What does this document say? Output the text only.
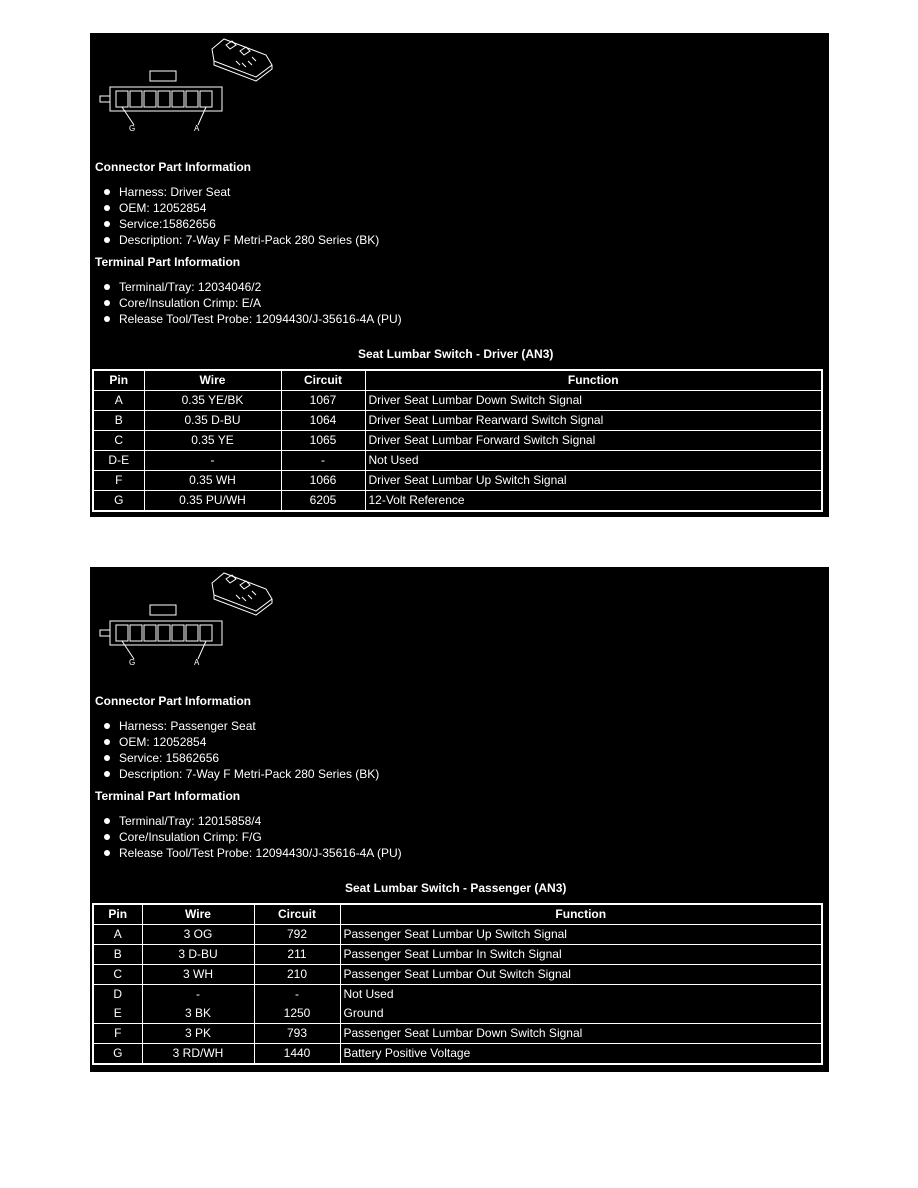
G	A
Connector Part Information
Harness: Driver Seat
OEM: 12052854
Service:15862656
Description: 7-Way F Metri-Pack 280 Series (BK)
Terminal Part Information
Terminal/Tray: 12034046/2
Core/Insulation Crimp: E/A
Release Tool/Test Probe: 12094430/J-35616-4A (PU)
Seat Lumbar Switch - Driver (AN3)
Pin	Wire	Circuit	Function
A	0.35 YE/BK	1067	Driver Seat Lumbar Down Switch Signal
B	0.35 D-BU	1064	Driver Seat Lumbar Rearward Switch Signal
C	0.35 YE	1065	Driver Seat Lumbar Forward Switch Signal
D-E	-	-	Not Used
F	0.35 WH	1066	Driver Seat Lumbar Up Switch Signal
G	0.35 PU/WH	6205	12-Volt Reference
G	A
Connector Part Information
Harness: Passenger Seat
OEM: 12052854
Service: 15862656
Description: 7-Way F Metri-Pack 280 Series (BK)
Terminal Part Information
Terminal/Tray: 12015858/4
Core/Insulation Crimp: F/G
Release Tool/Test Probe: 12094430/J-35616-4A (PU)
Seat Lumbar Switch - Passenger (AN3)
Pin	Wire	Circuit	Function
A	3 OG	792	Passenger Seat Lumbar Up Switch Signal
B	3 D-BU	211	Passenger Seat Lumbar In Switch Signal
C	3 WH	210	Passenger Seat Lumbar Out Switch Signal
D	-	-	Not Used
E	3 BK	1250	Ground
F	3 PK	793	Passenger Seat Lumbar Down Switch Signal
G	3 RD/WH	1440	Battery Positive Voltage
